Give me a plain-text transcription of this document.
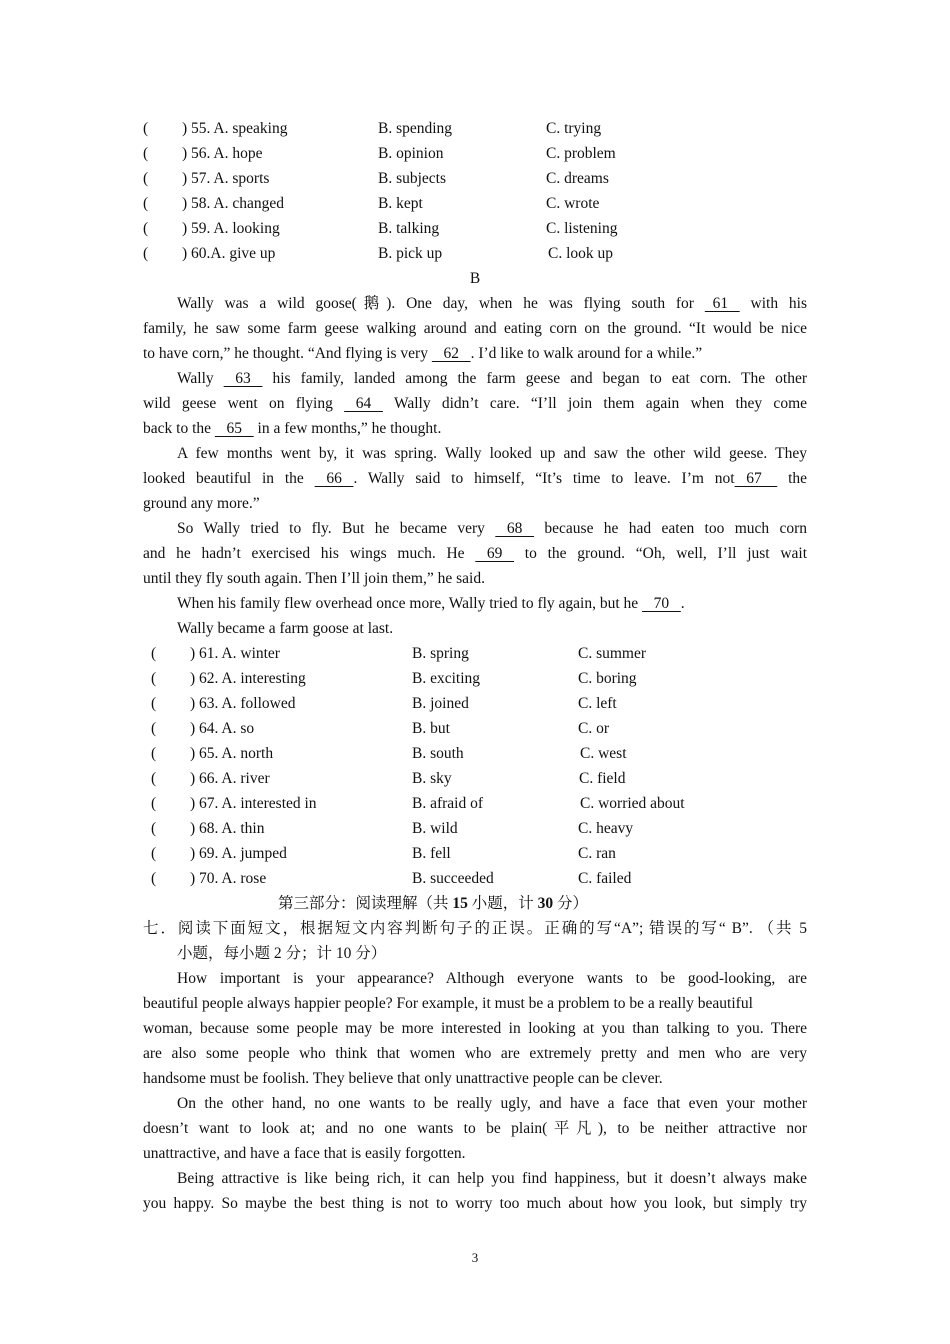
( ) 55. A. speaking	B. spending	C. trying
( ) 56. A. hope	B. opinion	C. problem
( ) 57. A. sports	B. subjects	C. dreams
( ) 58. A. changed	B. kept	C. wrote
( ) 59. A. looking	B. talking	C. listening
( ) 60.A. give up	B. pick up	C. look up
B
Wally was a wild goose(鹅). One day, when he was flying south for   61    with his
family, he saw some farm geese walking around and eating corn on the ground. “It would be nice
to have corn,” he thought. “And flying is very    62   . I’d like to walk around for a while.”
Wally    63    his family, landed among the farm geese and began to eat corn. The other
wild geese went on flying    64    Wally didn’t care. “I’ll join them again when they come
back to the    65    in a few months,” he thought.
A few months went by, it was spring. Wally looked up and saw the other wild geese. They
looked beautiful in the    66   . Wally said to himself, “It’s time to leave. I’m not   67     the
ground any more.”
So Wally tried to fly. But he became very    68    because he had eaten too much corn
and he hadn’t exercised his wings much. He    69    to the ground. “Oh, well, I’ll just wait
until they fly south again. Then I’ll join them,” he said.
When his family flew overhead once more, Wally tried to fly again, but he    70   .
Wally became a farm goose at last.
( ) 61. A. winter	B. spring	C. summer
( ) 62. A. interesting	B. exciting	C. boring
( ) 63. A. followed	B. joined	C. left
( ) 64. A. so	B. but	C. or
( ) 65. A. north	B. south	C. west
( ) 66. A. river	B. sky	C. field
( ) 67. A. interested in	B. afraid of	C. worried about
( ) 68. A. thin	B. wild	C. heavy
( ) 69. A. jumped	B. fell	C. ran
( ) 70. A. rose	B. succeeded	C. failed
第三部分：阅读理解（共 15 小题，计 30 分）
七．阅读下面短文，根据短文内容判断句子的正误。正确的写“A”; 错误的写“ B”. （共 5
小题，每小题 2 分；计 10 分）
How important is your appearance? Although everyone wants to be good-looking, are
beautiful people always happier people? For example, it must be a problem to be a really beautiful
woman, because some people may be more interested in looking at you than talking to you. There
are also some people who think that women who are extremely pretty and men who are very
handsome must be foolish. They believe that only unattractive people can be clever.
On the other hand, no one wants to be really ugly, and have a face that even your mother
doesn’t want to look at; and no one wants to be plain(平凡), to be neither attractive nor
unattractive, and have a face that is easily forgotten.
Being attractive is like being rich, it can help you find happiness, but it doesn’t always make
you happy. So maybe the best thing is not to worry too much about how you look, but simply try
3
